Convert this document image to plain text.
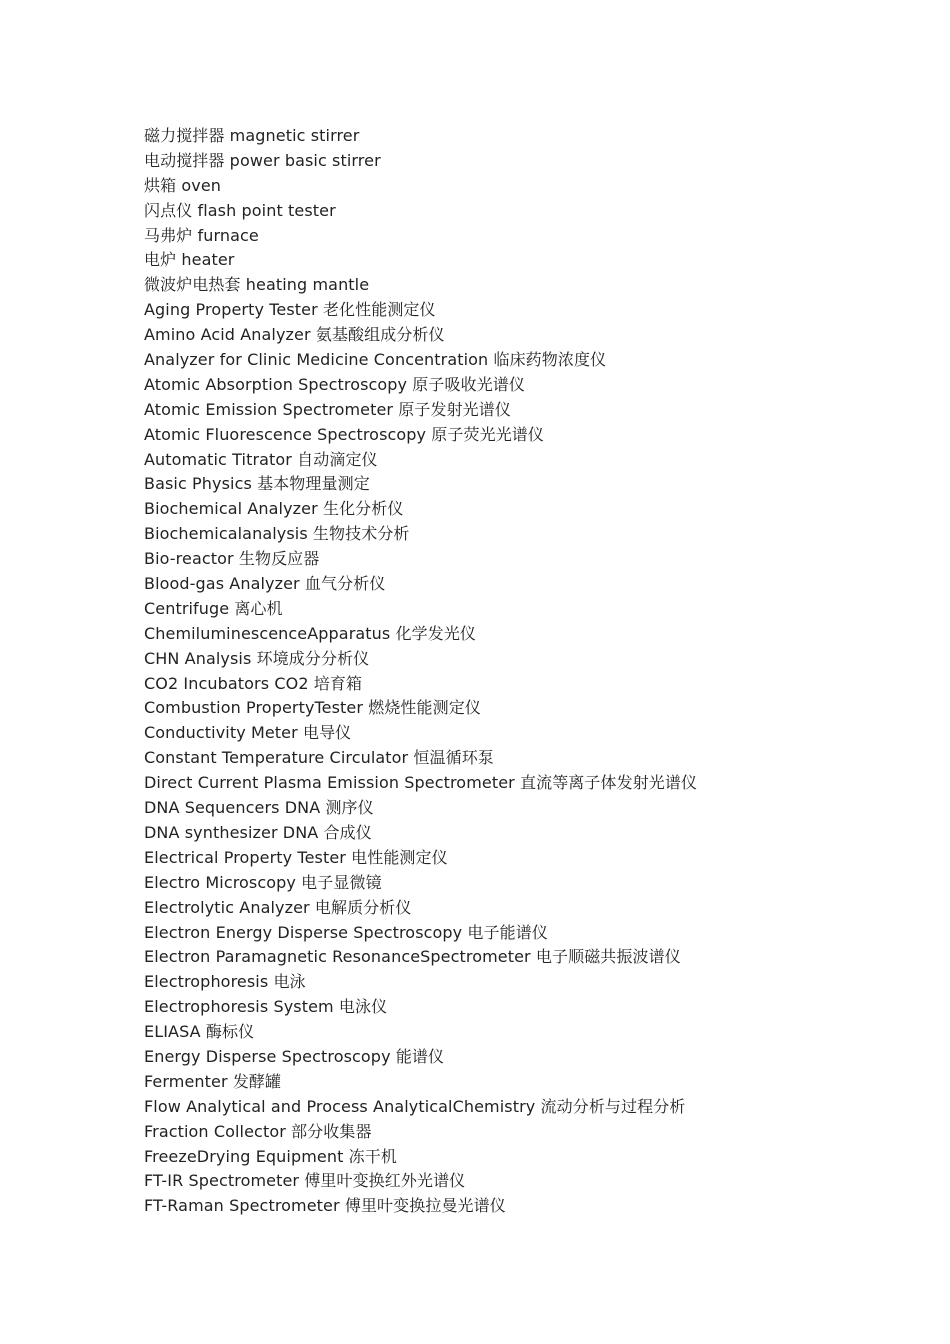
磁力搅拌器 magnetic stirrer
电动搅拌器 power basic stirrer
烘箱 oven
闪点仪 flash point tester
马弗炉 furnace
电炉 heater
微波炉电热套 heating mantle
Aging Property Tester 老化性能测定仪
Amino Acid Analyzer 氨基酸组成分析仪
Analyzer for Clinic Medicine Concentration 临床药物浓度仪
Atomic Absorption Spectroscopy 原子吸收光谱仪
Atomic Emission Spectrometer 原子发射光谱仪
Atomic Fluorescence Spectroscopy 原子荧光光谱仪
Automatic Titrator 自动滴定仪
Basic Physics 基本物理量测定
Biochemical Analyzer 生化分析仪
Biochemicalanalysis 生物技术分析
Bio-reactor 生物反应器
Blood-gas Analyzer 血气分析仪
Centrifuge 离心机
ChemiluminescenceApparatus 化学发光仪
CHN Analysis 环境成分分析仪
CO2 Incubators CO2 培育箱
Combustion PropertyTester 燃烧性能测定仪
Conductivity Meter 电导仪
Constant Temperature Circulator 恒温循环泵
Direct Current Plasma Emission Spectrometer 直流等离子体发射光谱仪
DNA Sequencers DNA 测序仪
DNA synthesizer DNA 合成仪
Electrical Property Tester 电性能测定仪
Electro Microscopy 电子显微镜
Electrolytic Analyzer 电解质分析仪
Electron Energy Disperse Spectroscopy 电子能谱仪
Electron Paramagnetic ResonanceSpectrometer 电子顺磁共振波谱仪
Electrophoresis 电泳
Electrophoresis System 电泳仪
ELIASA 酶标仪
Energy Disperse Spectroscopy 能谱仪
Fermenter 发酵罐
Flow Analytical and Process AnalyticalChemistry 流动分析与过程分析
Fraction Collector 部分收集器
FreezeDrying Equipment 冻干机
FT-IR Spectrometer 傅里叶变换红外光谱仪
FT-Raman Spectrometer 傅里叶变换拉曼光谱仪
